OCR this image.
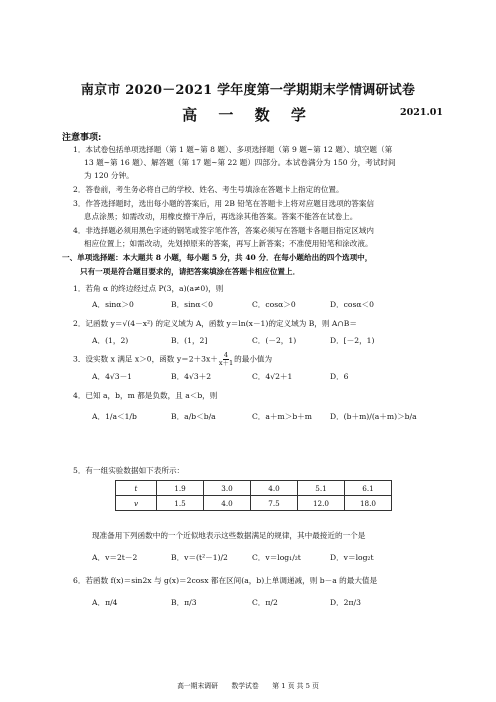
南京市 2020－2021 学年度第一学期期末学情调研试卷
高 一 数 学	2021.01
注意事项:
1．本试卷包括单项选择题（第 1 题~第 8 题）、多项选择题（第 9 题~第 12 题）、填空题（第
13 题~第 16 题）、解答题（第 17 题~第 22 题）四部分。本试卷满分为 150 分，考试时间
为 120 分钟。
2．答卷前，考生务必将自己的学校、姓名、考生号填涂在答题卡上指定的位置。
3．作答选择题时，选出每小题的答案后，用 2B 铅笔在答题卡上将对应题目选项的答案信
息点涂黑；如需改动，用橡皮擦干净后，再选涂其他答案。答案不能答在试卷上。
4．非选择题必须用黑色字迹的钢笔或签字笔作答，答案必须写在答题卡各题目指定区域内
相应位置上；如需改动，先划掉原来的答案，再写上新答案；不准使用铅笔和涂改液。
一、单项选择题：本大题共 8 小题，每小题 5 分，共 40 分．在每小题给出的四个选项中，
只有一项是符合题目要求的，请把答案填涂在答题卡相应位置上．
1．若角 α 的终边经过点 P(3，a)(a≠0)，则
A．sinα＞0	B．sinα＜0	C．cosα＞0	D．cosα＜0
2．记函数 y＝√(4－x²) 的定义域为 A，函数 y＝ln(x－1)的定义域为 B，则 A∩B＝
A．(1，2)	B．(1，2]	C．(－2，1)	D．[－2，1)
3．设实数 x 满足 x＞0，函数 $y=2+3x+ \frac{4}{x+1}$ 的最小值为
A．4√3－1	B．4√3＋2	C．4√2＋1	D．6
4．已知 a，b，m 都是负数，且 a＜b，则
A．1/a＜1/b	B．a/b＜b/a	C．a＋m＞b＋m D．(b＋m)/(a＋m)＞b/a
5．有一组实验数据如下表所示：
t	1.9	3.0	4.0	5.1	6.1
v	1.5	4.0	7.5	12.0	18.0
现准备用下列函数中的一个近似地表示这些数据满足的规律，其中最接近的一个是
A．v＝2t－2	B．v＝(t²－1)/2	C．v＝log₁/₂t	D．v＝log₂t
6．若函数 f(x)＝sin2x 与 g(x)＝2cosx 都在区间(a，b)上单调递减，则 b－a 的最大值是
A．π/4	B．π/3	C．π/2	D．2π/3
高一期末调研　　数学试卷　　第 1 页 共 5 页
